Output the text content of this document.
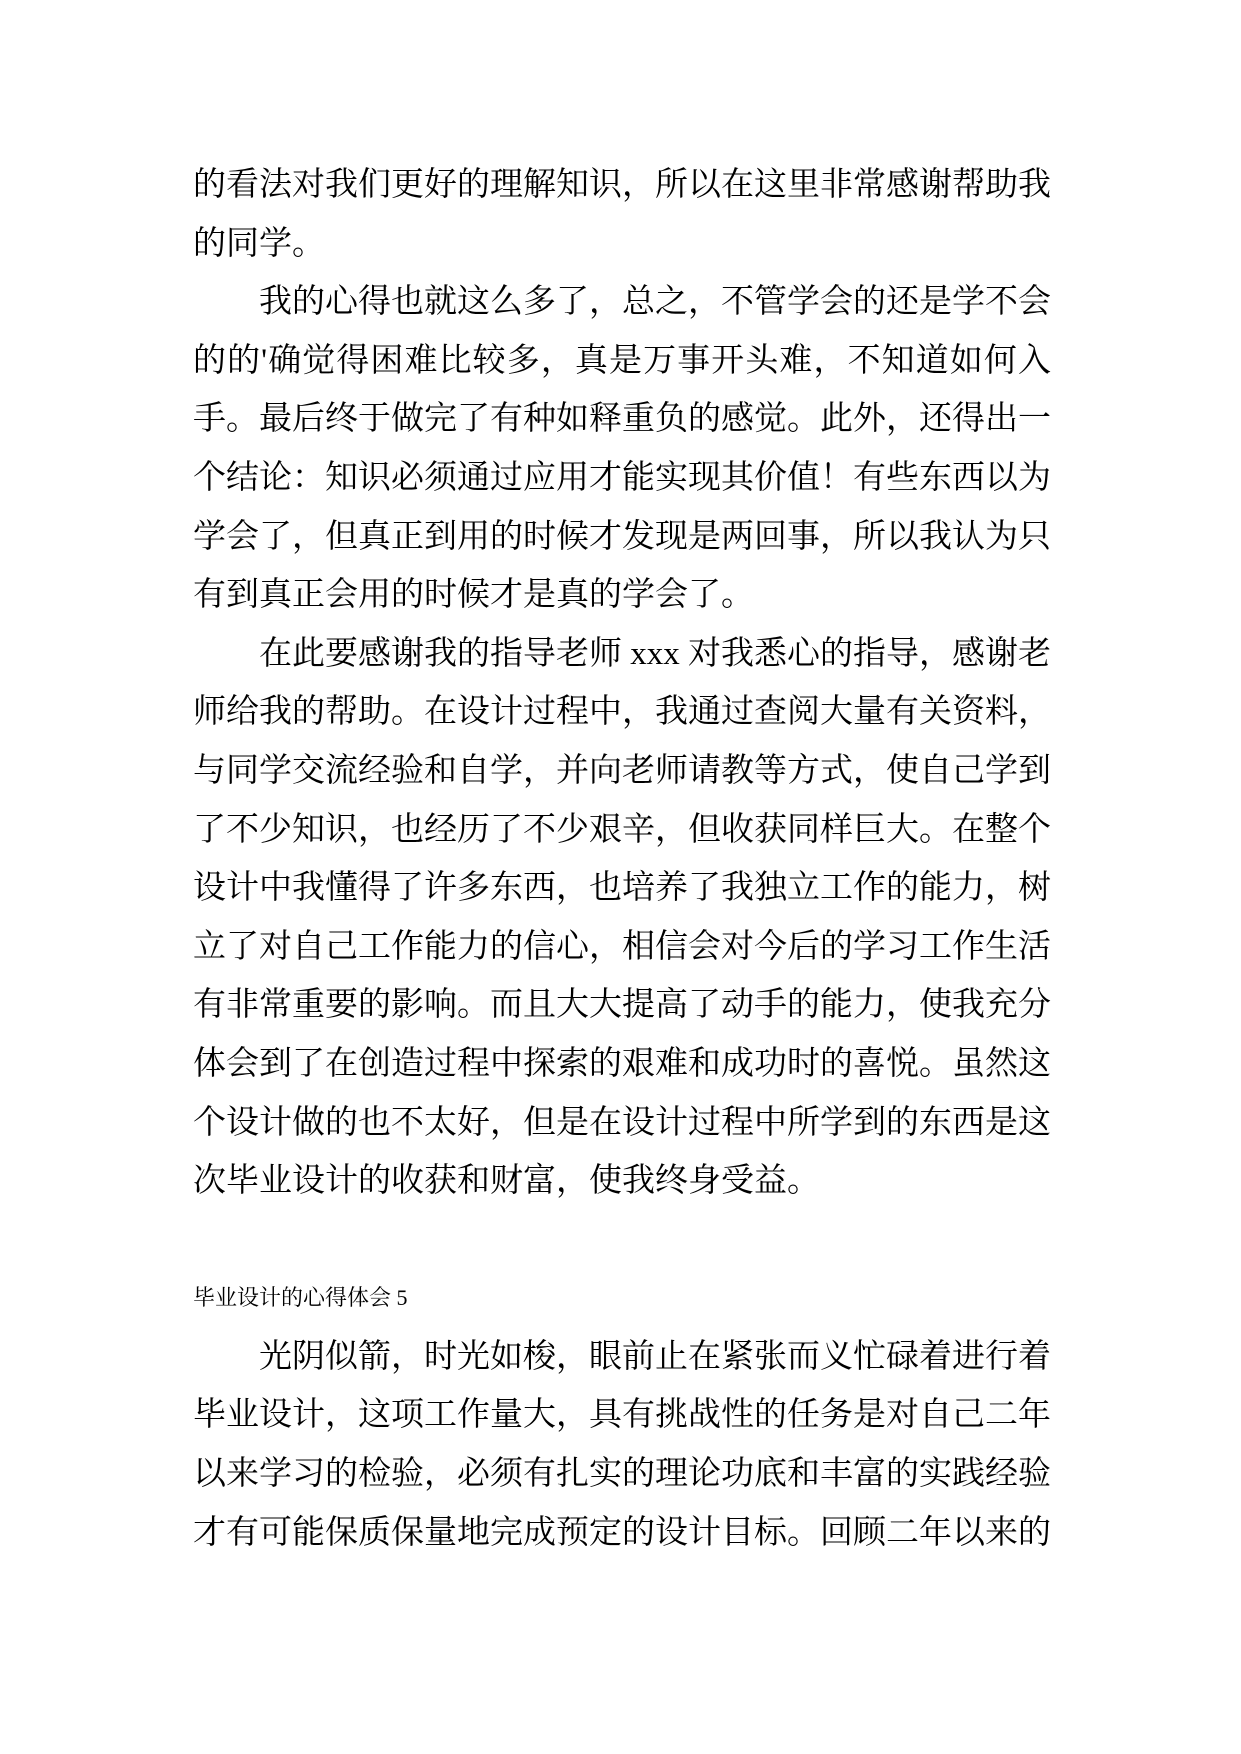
的看法对我们更好的理解知识，所以在这里非常感谢帮助我
的同学。
我的心得也就这么多了，总之，不管学会的还是学不会
的的'确觉得困难比较多，真是万事开头难，不知道如何入
手。最后终于做完了有种如释重负的感觉。此外，还得出一
个结论：知识必须通过应用才能实现其价值！有些东西以为
学会了，但真正到用的时候才发现是两回事，所以我认为只
有到真正会用的时候才是真的学会了。
在此要感谢我的指导老师 xxx 对我悉心的指导，感谢老
师给我的帮助。在设计过程中，我通过查阅大量有关资料，
与同学交流经验和自学，并向老师请教等方式，使自己学到
了不少知识，也经历了不少艰辛，但收获同样巨大。在整个
设计中我懂得了许多东西，也培养了我独立工作的能力，树
立了对自己工作能力的信心，相信会对今后的学习工作生活
有非常重要的影响。而且大大提高了动手的能力，使我充分
体会到了在创造过程中探索的艰难和成功时的喜悦。虽然这
个设计做的也不太好，但是在设计过程中所学到的东西是这
次毕业设计的收获和财富，使我终身受益。
毕业设计的心得体会 5
光阴似箭，时光如梭，眼前止在紧张而义忙碌着进行着
毕业设计，这项工作量大，具有挑战性的任务是对自己二年
以来学习的检验，必须有扎实的理论功底和丰富的实践经验
才有可能保质保量地完成预定的设计目标。回顾二年以来的
